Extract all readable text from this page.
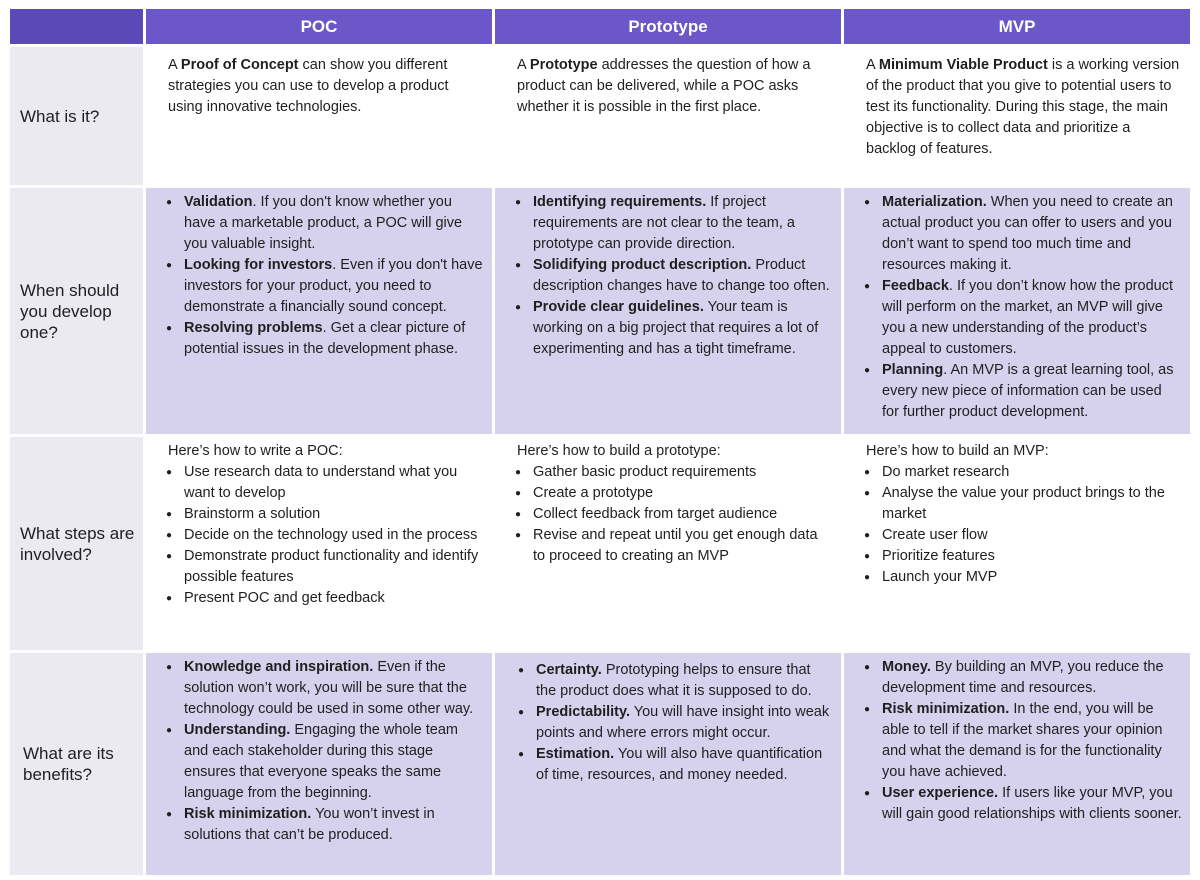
POC	Prototype	MVP
What is it?

A Proof of Concept can show you different strategies you can use to develop a product using innovative technologies.

A Prototype addresses the question of how a product can be delivered, while a POC asks whether it is possible in the first place.

A Minimum Viable Product is a working version of the product that you give to potential users to test its functionality. During this stage, the main objective is to collect data and prioritize a backlog of features.

When should you develop one?
● Validation. If you don't know whether you have a marketable product, a POC will give you valuable insight.
● Looking for investors. Even if you don't have investors for your product, you need to demonstrate a financially sound concept.
● Resolving problems. Get a clear picture of potential issues in the development phase.
● Identifying requirements. If project requirements are not clear to the team, a prototype can provide direction.
● Solidifying product description. Product description changes have to change too often.
● Provide clear guidelines. Your team is working on a big project that requires a lot of experimenting and has a tight timeframe.
● Materialization. When you need to create an actual product you can offer to users and you don’t want to spend too much time and resources making it.
● Feedback. If you don’t know how the product will perform on the market, an MVP will give you a new understanding of the product’s appeal to customers.
● Planning. An MVP is a great learning tool, as every new piece of information can be used for further product development.
What steps are involved?

Here’s how to write a POC:

● Use research data to understand what you want to develop
● Brainstorm a solution
● Decide on the technology used in the process
● Demonstrate product functionality and identify possible features
● Present POC and get feedback

Here’s how to build a prototype:

● Gather basic product requirements
● Create a prototype
● Collect feedback from target audience
● Revise and repeat until you get enough data to proceed to creating an MVP

Here’s how to build an MVP:

● Do market research
● Analyse the value your product brings to the market
● Create user flow
● Prioritize features
● Launch your MVP
What are its benefits?
● Knowledge and inspiration. Even if the solution won’t work, you will be sure that the technology could be used in some other way.
● Understanding. Engaging the whole team and each stakeholder during this stage ensures that everyone speaks the same language from the beginning.
● Risk minimization. You won’t invest in solutions that can’t be produced.
● Certainty. Prototyping helps to ensure that the product does what it is supposed to do.
● Predictability. You will have insight into weak points and where errors might occur.
● Estimation. You will also have quantification of time, resources, and money needed.
● Money. By building an MVP, you reduce the development time and resources.
● Risk minimization. In the end, you will be able to tell if the market shares your opinion and what the demand is for the functionality you have achieved.
● User experience. If users like your MVP, you will gain good relationships with clients sooner.
